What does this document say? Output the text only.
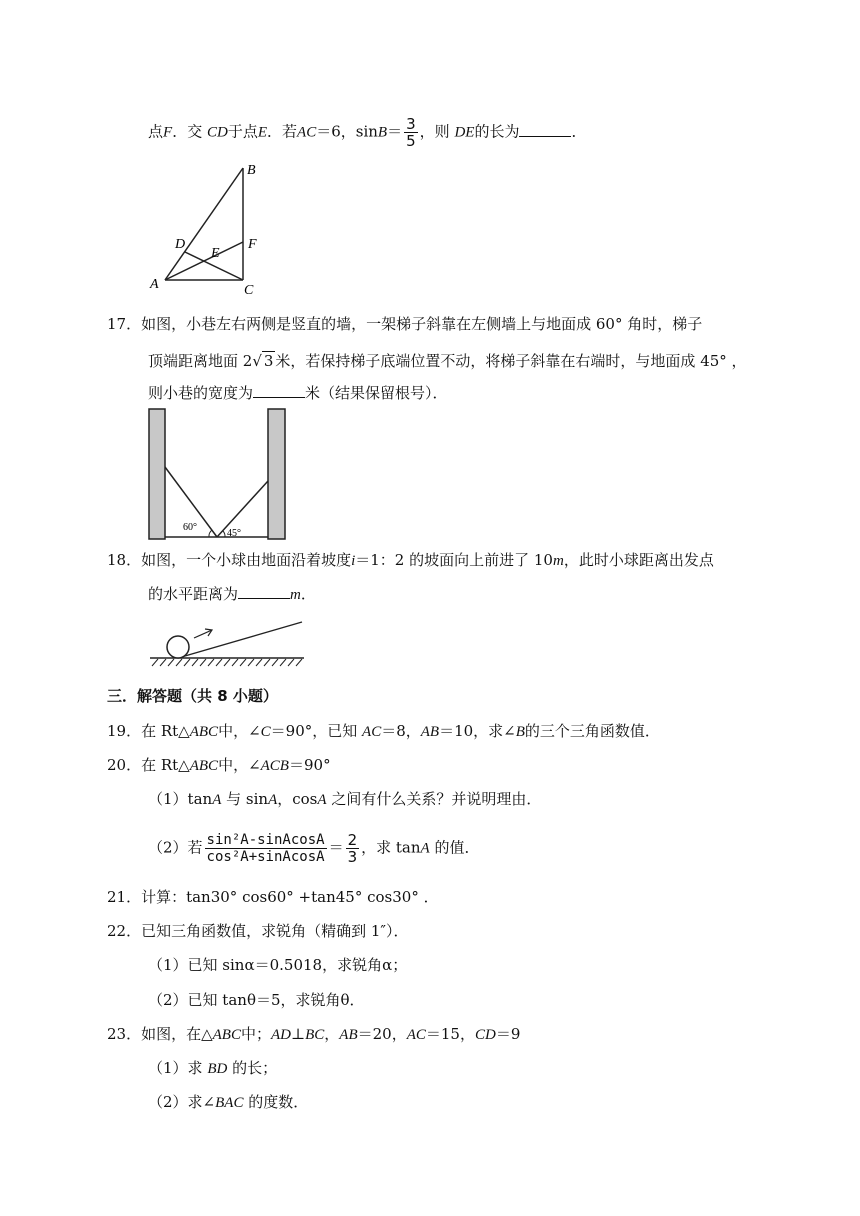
点F．交 CD于点E．若AC＝6，$\sin B= \frac{3}{5}$ ，则 DE的长为	．
B
D
E
F
A	C
17．如图，小巷左右两侧是竖直的墙，一架梯子斜靠在左侧墙上与地面成 60° 角时，梯子
顶端距离地面 2√ 3 米，若保持梯子底端位置不动，将梯子斜靠在右端时，与地面成 45° ，
则小巷的宽度为	米（结果保留根号）．
60°
45°
18．如图，一个小球由地面沿着坡度i＝1：2 的坡面向上前进了 10m，此时小球距离出发点
的水平距离为	m．
三．解答题（共 8 小题）
19．在 Rt△ABC中，∠C＝90°，已知 AC＝8，AB＝10，求∠B的三个三角函数值．
20．在 Rt△ABC中，∠ACB＝90°
（1）tanA 与 sinA，cosA 之间有什么关系？并说明理由．
（2）若 $\frac{\text{sin²A-sinAcosA}}{\text{cos²A+sinAcosA}} = \frac{2}{3}$ ，求 tanA 的值．
21．计算：tan30° cos60° +tan45° cos30° ．
22．已知三角函数值，求锐角（精确到 1″）．
（1）已知 sinα＝0.5018，求锐角α；
（2）已知 tanθ＝5，求锐角θ．
23．如图，在△ABC中；AD⊥BC，AB＝20，AC＝15，CD＝9
（1）求 BD 的长；
（2）求∠BAC 的度数．
